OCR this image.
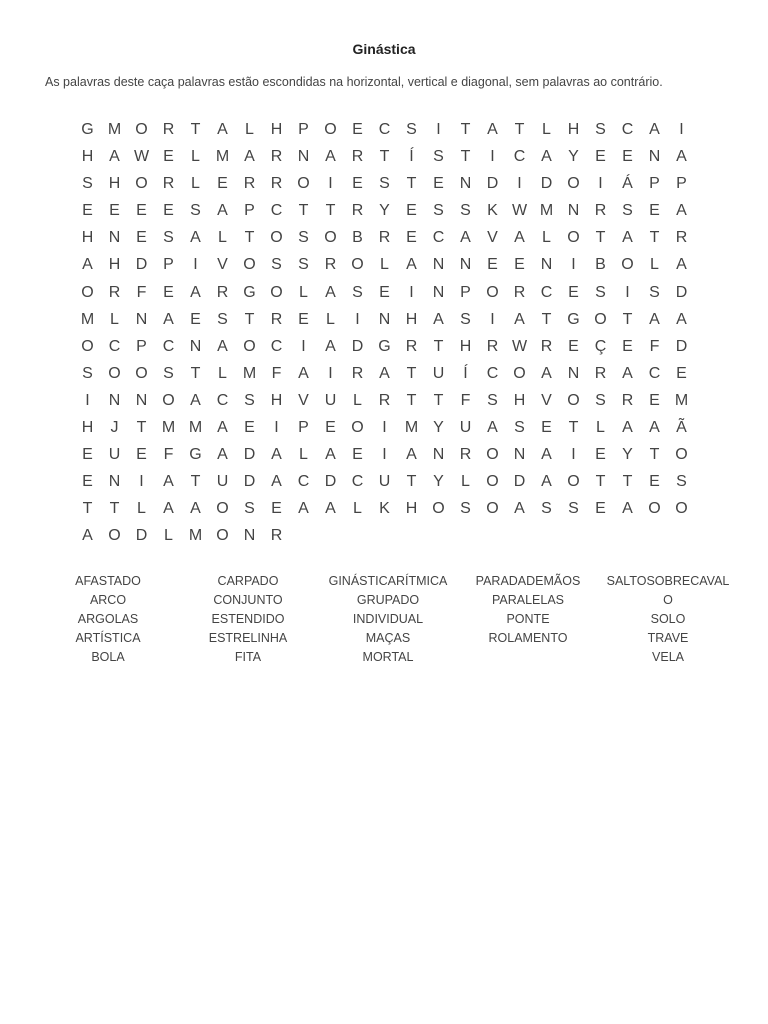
Ginástica
As palavras deste caça palavras estão escondidas na horizontal, vertical e diagonal, sem palavras ao contrário.
G M O R	T	A	L	H P O E C S	I	T	A	T	L	H S C A	I
H A W E	L M A R N A R	T	Í	S	T	I	C A	Y	E	E N A
S H O R	L	E R R O	I	E	S	T	E N D	I	D O	I	Á	P	P
E	E	E	E	S	A	P C	T	T	R Y	E	S	S	K W M N R S	E	A
H N E	S	A	L	T O S O B R E C A	V	A	L	O T	A	T	R
A H D P	I	V O S	S R O	L	A N N E	E N	I	B O	L	A
O R	F	E	A R G O	L	A	S	E	I	N P O R C E	S	I	S D
M L	N A	E	S	T	R E	L	I	N H A	S	I	A	T G O T	A	A
O C P C N A O C	I	A D G R	T	H R W R E Ç E	F	D
S O O S	T	L M F	A	I	R A	T	U	Í	C O A N R A C E
I	N N O A C S H V U	L	R	T	T	F	S H V O S R E M
H	J	T M M A	E	I	P	E O	I	M Y U A	S	E	T	L	A	A	Ã
E U E	F G A D A	L	A	E	I	A N R O N A	I	E	Y	T O
E N	I	A	T	U D A C D C U	T	Y	L	O D A O T	T	E	S
T	T	L	A	A O S	E	A	A	L	K H O S O A	S	S	E	A O O
A O D	L M O N R
AFASTADO
ARCO
ARGOLAS
ARTÍSTICA
BOLA
CARPADO
CONJUNTO
ESTENDIDO
ESTRELINHA
FITA
GINÁSTICARÍTMICA
GRUPADO
INDIVIDUAL
MAÇAS
MORTAL
PARADADEMÃOS
PARALELAS
PONTE
ROLAMENTO
SALTOSOBRECAVAL
O
SOLO
TRAVE
VELA
